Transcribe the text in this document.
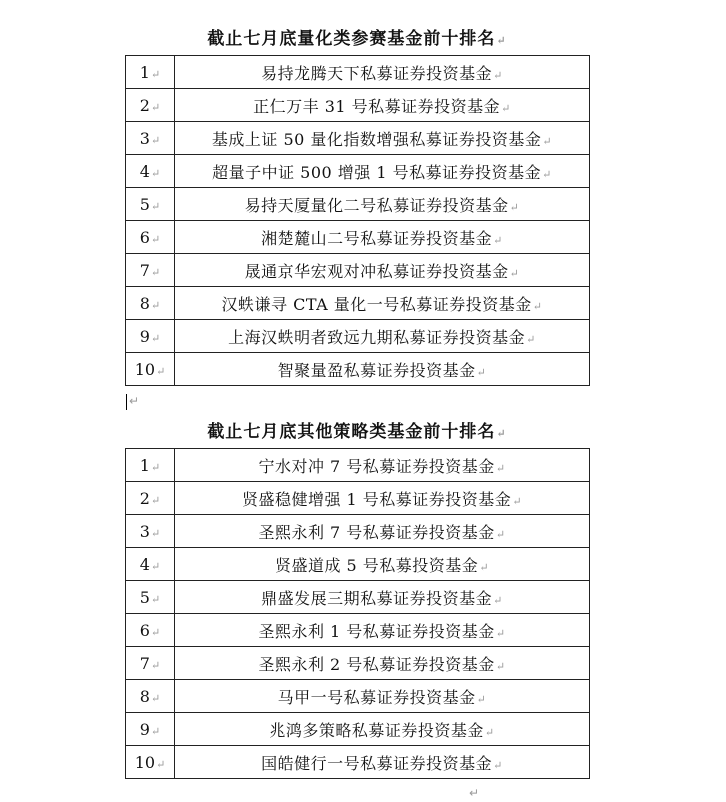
截止七月底量化类参赛基金前十排名↵
1↵	易持龙腾天下私募证券投资基金↵
2↵	正仁万丰 31 号私募证券投资基金↵
3↵	基成上证 50 量化指数增强私募证券投资基金↵
4↵	超量子中证 500 增强 1 号私募证券投资基金↵
5↵	易持天厦量化二号私募证券投资基金↵
6↵	湘楚麓山二号私募证券投资基金↵
7↵	晟通京华宏观对冲私募证券投资基金↵
8↵	汉蛈谦寻 CTA 量化一号私募证券投资基金↵
9↵	上海汉蛈明者致远九期私募证券投资基金↵
10↵	智聚量盈私募证券投资基金↵
↵
截止七月底其他策略类基金前十排名↵
1↵	宁水对冲 7 号私募证券投资基金↵
2↵	贤盛稳健增强 1 号私募证券投资基金↵
3↵	圣熙永利 7 号私募证券投资基金↵
4↵	贤盛道成 5 号私募投资基金↵
5↵	鼎盛发展三期私募证券投资基金↵
6↵	圣熙永利 1 号私募证券投资基金↵
7↵	圣熙永利 2 号私募证券投资基金↵
8↵	马甲一号私募证券投资基金↵
9↵	兆鸿多策略私募证券投资基金↵
10↵	国皓健行一号私募证券投资基金↵
↵
